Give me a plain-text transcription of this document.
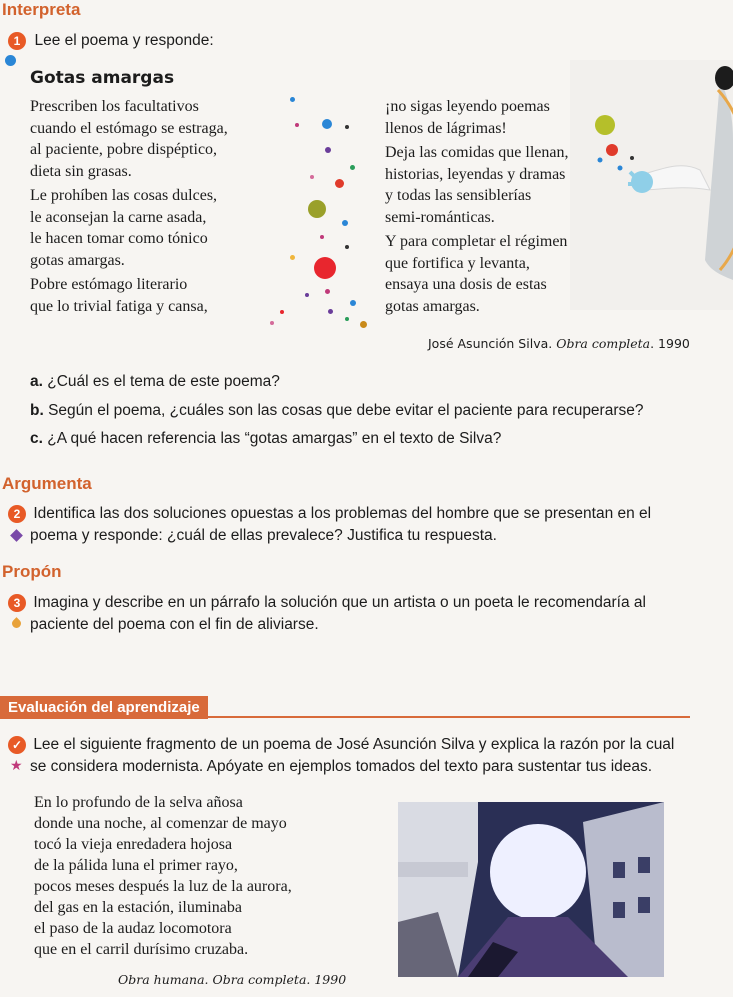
Interpreta
1 Lee el poema y responde:
Gotas amargas
Prescriben los facultativos
cuando el estómago se estraga,
al paciente, pobre dispéptico,
dieta sin grasas.
Le prohíben las cosas dulces,
le aconsejan la carne asada,
le hacen tomar como tónico
gotas amargas.
Pobre estómago literario
que lo trivial fatiga y cansa,
¡no sigas leyendo poemas
llenos de lágrimas!
Deja las comidas que llenan,
historias, leyendas y dramas
y todas las sensiblerías
semi-románticas.
Y para completar el régimen
que fortifica y levanta,
ensaya una dosis de estas
gotas amargas.
José Asunción Silva. Obra completa. 1990
a. ¿Cuál es el tema de este poema?
b. Según el poema, ¿cuáles son las cosas que debe evitar el paciente para recuperarse?
c. ¿A qué hacen referencia las “gotas amargas” en el texto de Silva?
Argumenta
2 Identifica las dos soluciones opuestas a los problemas del hombre que se presentan en el
poema y responde: ¿cuál de ellas prevalece? Justifica tu respuesta.
Propón
3 Imagina y describe en un párrafo la solución que un artista o un poeta le recomendaría al
paciente del poema con el fin de aliviarse.
Evaluación del aprendizaje
✓ Lee el siguiente fragmento de un poema de José Asunción Silva y explica la razón por la cual
★ se considera modernista. Apóyate en ejemplos tomados del texto para sustentar tus ideas.
En lo profundo de la selva añosa
donde una noche, al comenzar de mayo
tocó la vieja enredadera hojosa
de la pálida luna el primer rayo,
pocos meses después la luz de la aurora,
del gas en la estación, iluminaba
el paso de la audaz locomotora
que en el carril durísimo cruzaba.
Obra humana. Obra completa. 1990
